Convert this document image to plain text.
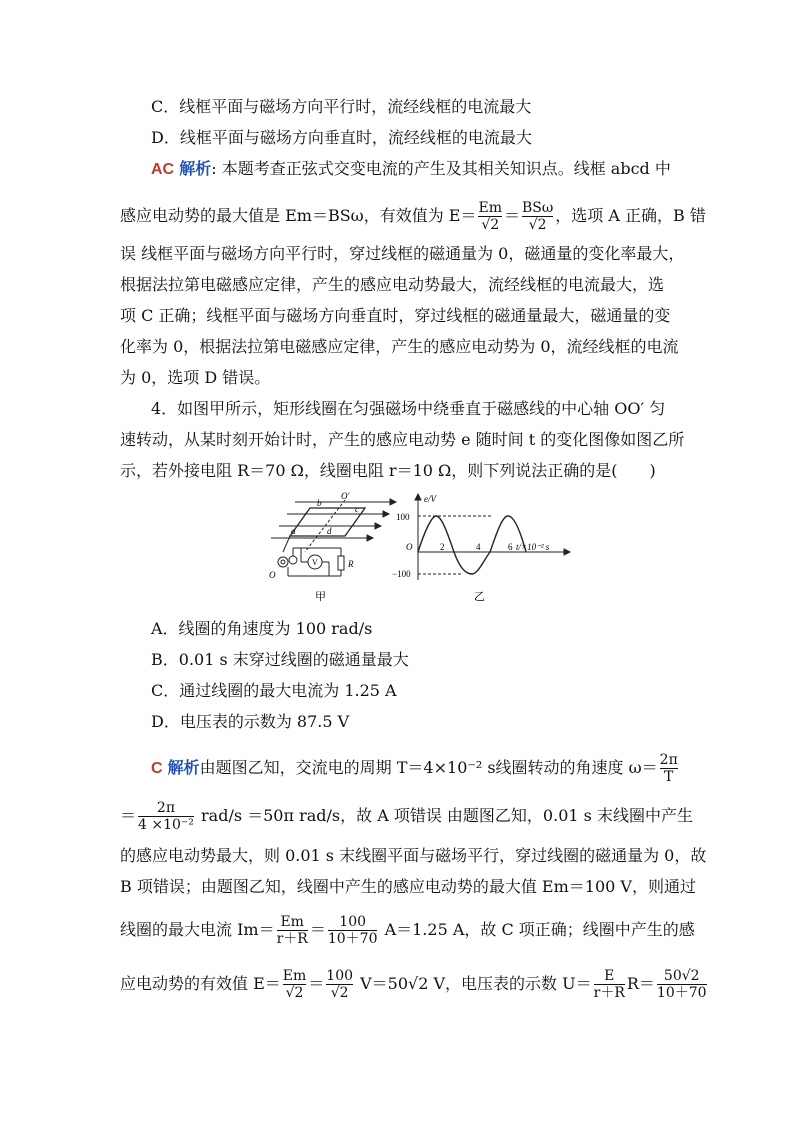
C．线框平面与磁场方向平行时，流经线框的电流最大
D．线框平面与磁场方向垂直时，流经线框的电流最大
AC 解析: 本题考查正弦式交变电流的产生及其相关知识点。线框 abcd 中
感应电动势的最大值是 Em＝BSω，有效值为 $E= \frac{Em}{√2} = \frac{\text{BSω}}{√2}$ ，选项 A 正确，B 错
误 线框平面与磁场方向平行时，穿过线框的磁通量为 0，磁通量的变化率最大，
根据法拉第电磁感应定律，产生的感应电动势最大，流经线框的电流最大，选
项 C 正确；线框平面与磁场方向垂直时，穿过线框的磁通量最大，磁通量的变
化率为 0，根据法拉第电磁感应定律，产生的感应电动势为 0，流经线框的电流
为 0，选项 D 错误。
4．如图甲所示，矩形线圈在匀强磁场中绕垂直于磁感线的中心轴 OO′ 匀
速转动，从某时刻开始计时，产生的感应电动势 e 随时间 t 的变化图像如图乙所
示，若外接电阻 R＝70 Ω，线圈电阻 r＝10 Ω，则下列说法正确的是(　　)
O′
b
c
a	d
O
V	R
甲
e/V
100
O
−100
2	4	6 t/×10⁻² s
乙
A．线圈的角速度为 100 rad/s
B．0.01 s 末穿过线圈的磁通量最大
C．通过线圈的最大电流为 1.25 A
D．电压表的示数为 87.5 V
C 解析由题图乙知，交流电的周期 T＝4×10⁻² s线圈转动的角速度 $\omega= \frac{2\pi}{T}$
＝ $\frac{2\pi}{\text{4 ×10⁻²}} rad/s =50\pi$ rad/s，故 A 项错误 由题图乙知，0.01 s 末线圈中产生
的感应电动势最大，则 0.01 s 末线圈平面与磁场平行，穿过线圈的磁通量为 0，故
B 项错误；由题图乙知，线圈中产生的感应电动势的最大值 Em＝100 V，则通过
线圈的最大电流 $Im= \frac{Em}{r+R} = \frac{100}{10+70} A=1.25$ A，故 C 项正确；线圈中产生的感
应电动势的有效值 $E= \frac{Em}{√2} = \frac{100}{√2} V=50√2$ V，电压表的示数 $U= \frac{E}{r+R} R= \frac{50√2}{10+70}$
